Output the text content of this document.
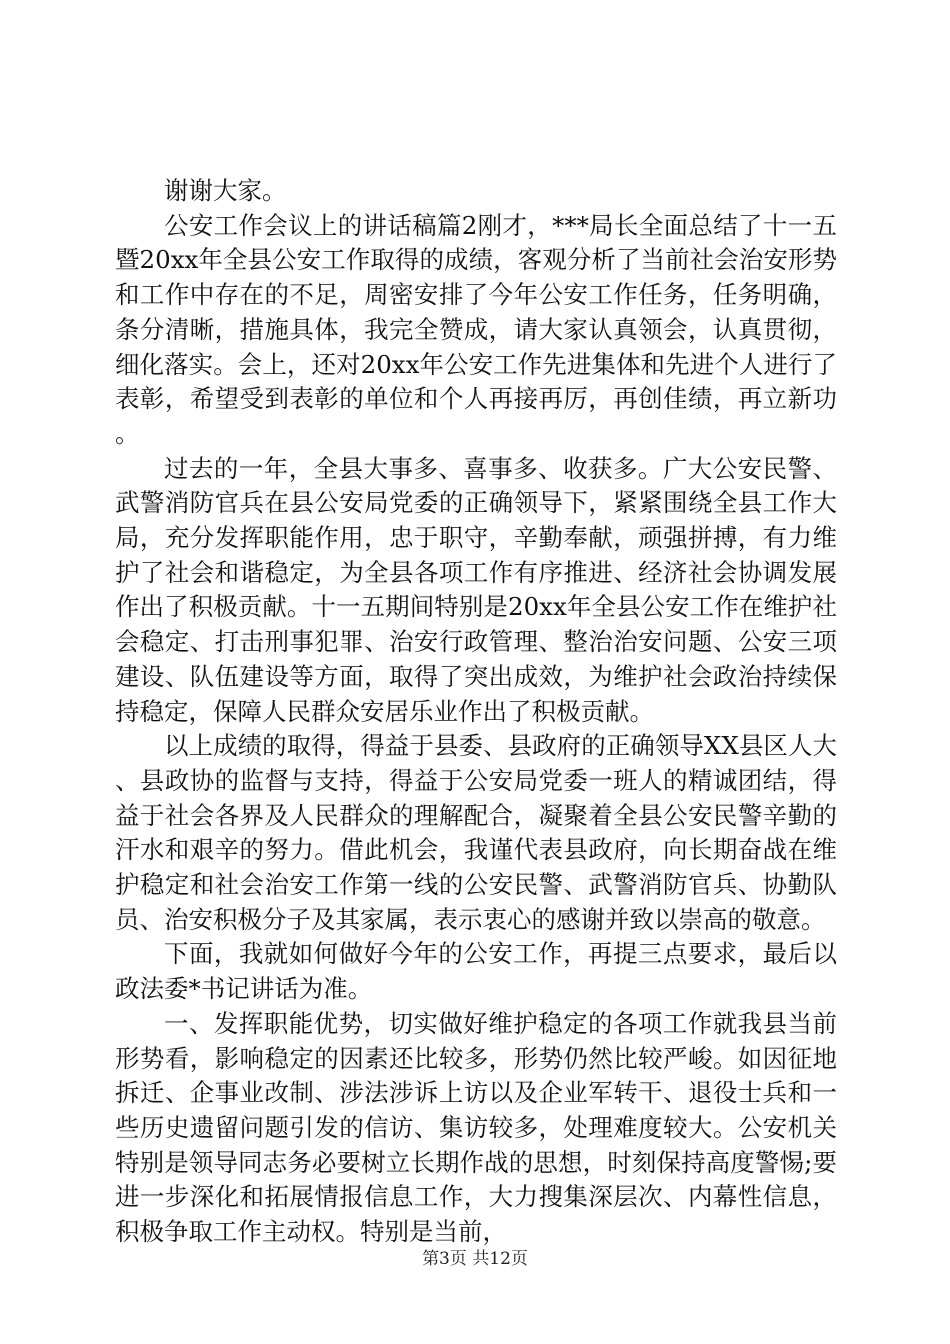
谢谢大家。

公安工作会议上的讲话稿篇2刚才，***局长全面总结了十一五暨20xx年全县公安工作取得的成绩，客观分析了当前社会治安形势和工作中存在的不足，周密安排了今年公安工作任务，任务明确，条分清晰，措施具体，我完全赞成，请大家认真领会，认真贯彻，细化落实。会上，还对20xx年公安工作先进集体和先进个人进行了表彰，希望受到表彰的单位和个人再接再厉，再创佳绩，再立新功。

过去的一年，全县大事多、喜事多、收获多。广大公安民警、武警消防官兵在县公安局党委的正确领导下，紧紧围绕全县工作大局，充分发挥职能作用，忠于职守，辛勤奉献，顽强拼搏，有力维护了社会和谐稳定，为全县各项工作有序推进、经济社会协调发展作出了积极贡献。十一五期间特别是20xx年全县公安工作在维护社会稳定、打击刑事犯罪、治安行政管理、整治治安问题、公安三项建设、队伍建设等方面，取得了突出成效，为维护社会政治持续保持稳定，保障人民群众安居乐业作出了积极贡献。

以上成绩的取得，得益于县委、县政府的正确领导XX县区人大、县政协的监督与支持，得益于公安局党委一班人的精诚团结，得益于社会各界及人民群众的理解配合，凝聚着全县公安民警辛勤的汗水和艰辛的努力。借此机会，我谨代表县政府，向长期奋战在维护稳定和社会治安工作第一线的公安民警、武警消防官兵、协勤队员、治安积极分子及其家属，表示衷心的感谢并致以崇高的敬意。

下面，我就如何做好今年的公安工作，再提三点要求，最后以政法委*书记讲话为准。

一、发挥职能优势，切实做好维护稳定的各项工作就我县当前形势看，影响稳定的因素还比较多，形势仍然比较严峻。如因征地拆迁、企事业改制、涉法涉诉上访以及企业军转干、退役士兵和一些历史遗留问题引发的信访、集访较多，处理难度较大。公安机关特别是领导同志务必要树立长期作战的思想，时刻保持高度警惕;要进一步深化和拓展情报信息工作，大力搜集深层次、内幕性信息，积极争取工作主动权。特别是当前，

第3页 共12页
